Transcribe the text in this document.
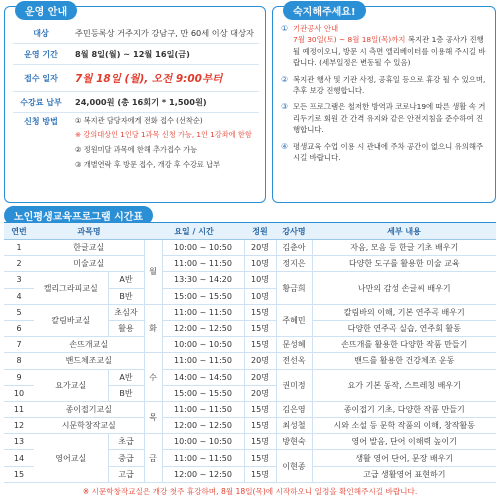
운영 안내
대상	주민등록상 거주지가 강남구, 만 60세 이상 대상자
운영 기간	8월 8일(월) ~ 12월 16일(금)
접수 일자	7월 18일 (월), 오전 9:00부터
수강료 납부	24,000원 (총 16회기 * 1,500원)
신청 방법	① 복지관 담당자에게 전화 접수 (선착순)
※ 강의대상인 1인당 1과목 신청 가능, 1인 1강좌에 한함
② 정원미달 과목에 한해 추가접수 가능
③ 개별연락 후 방문 접수, 개강 후 수강료 납부
숙지해주세요!
① 기관공사 안내
7월 30일(토) ~ 8월 18일(목)까지 복지관 1층 공사가 진행될 예정이오니, 방문 시 측면 엘리베이터를 이용해 주시길 바랍니다. (세부일정은 변동될 수 있음)
② 복지관 행사 및 기관 사정, 공휴일 등으로 휴강 될 수 있으며, 추후 보강 진행합니다.
③ 모든 프로그램은 철저한 방역과 코로나19에 따른 생활 속 거리두기로 회원 간 간격 유지와 같은 안전지침을 준수하여 진행합니다.
④ 평생교육 수업 이용 시 관내에 주차 공간이 없으니 유의해주시길 바랍니다.
노인평생교육프로그램 시간표
연번	과목명		요일 / 시간		정원	강사명	세부 내용
1	한글교실		월	10:00 ~ 10:50	20명	김춘아	자음, 모음 등 한글 기초 배우기
2	미술교실			11:00 ~ 11:50	10명	정지은	다양한 도구를 활용한 미술 교육
3	캘리그라피교실	A반		13:30 ~ 14:20	10명	황금희	나만의 감성 손글씨 배우기
4		B반		15:00 ~ 15:50	10명		
5	칼림바교실	초심자	화	11:00 ~ 11:50	15명	주혜민	칼림바의 이해, 기본 연주곡 배우기
6		활용		12:00 ~ 12:50	15명		다양한 연주곡 실습, 연주회 활동
7	손뜨개교실			10:00 ~ 10:50	15명	문성혜	손뜨개를 활용한 다양한 작품 만들기
8	밴드체조교실		수	11:00 ~ 11:50	20명	전선옥	밴드를 활용한 건강체조 운동
9	요가교실	A반		14:00 ~ 14:50	20명	권미정	요가 기본 동작, 스트레칭 배우기
10		B반		15:00 ~ 15:50	20명		
11	종이접기교실		목	11:00 ~ 11:50	15명	김은영	종이접기 기초, 다양한 작품 만들기
12	시문학창작교실			12:00 ~ 12:50	15명	최성철	시와 소설 등 문학 작품의 이해, 창작활동
13	영어교실	초급	금	10:00 ~ 10:50	15명	방현숙	영어 발음, 단어 이해력 높이기
14		중급		11:00 ~ 11:50	15명	이현종	생활 영어 단어, 문장 배우기
15		고급		12:00 ~ 12:50	15명		고급 생활영어 표현하기
※ 시문학창작교실은 개강 첫주 휴강하며, 8월 18일(목)에 시작하오니 일정을 확인해주시길 바랍니다.
